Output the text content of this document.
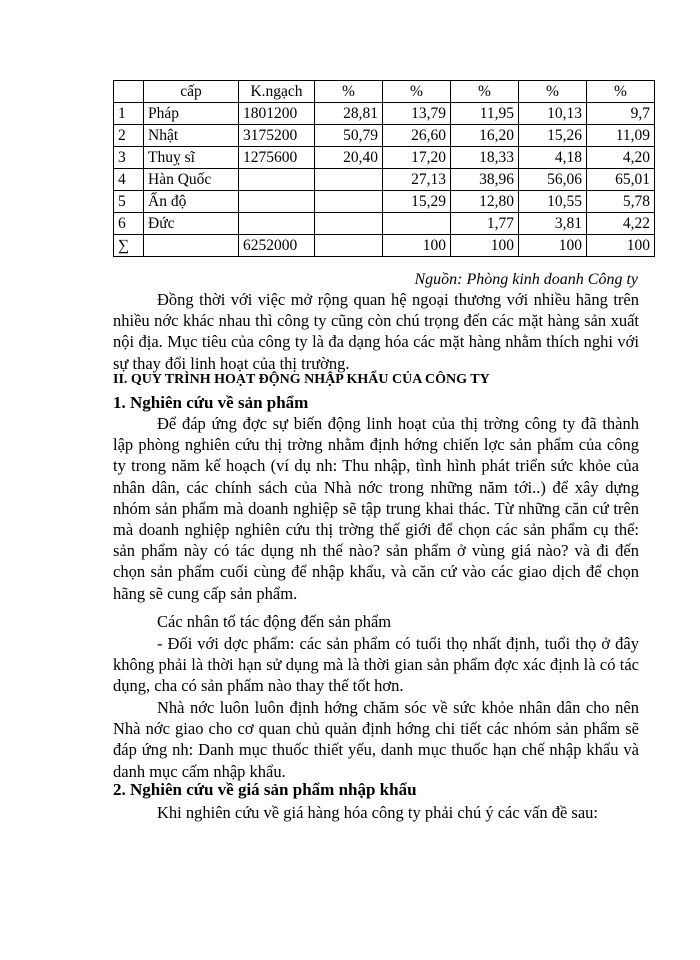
	cấp	K.ngạch	%	%	%	%	%
1	Pháp	1801200	28,81	13,79	11,95	10,13	9,7
2	Nhật	3175200	50,79	26,60	16,20	15,26	11,09
3	Thuỵ sĩ	1275600	20,40	17,20	18,33	4,18	4,20
4	Hàn Quốc			27,13	38,96	56,06	65,01
5	Ấn độ			15,29	12,80	10,55	5,78
6	Đức				1,77	3,81	4,22
∑		6252000		100	100	100	100
Nguồn: Phòng kinh doanh Công ty

Đồng thời với việc mở rộng quan hệ ngoại thương với nhiều hãng trên nhiều nớc khác nhau thì công ty cũng còn chú trọng đến các mặt hàng sản xuất nội địa. Mục tiêu của công ty là đa dạng hóa các mặt hàng nhằm thích nghi với sự thay đổi linh hoạt của thị trường.

II. QUY TRÌNH HOẠT ĐỘNG NHẬP KHẨU CỦA CÔNG TY
1. Nghiên cứu về sản phẩm

Để đáp ứng đợc sự biến động linh hoạt của thị trờng công ty đã thành lập phòng nghiên cứu thị trờng nhằm định hớng chiến lợc sản phẩm của công ty trong năm kế hoạch (ví dụ nh: Thu nhập, tình hình phát triển sức khỏe của nhân dân, các chính sách của Nhà nớc trong những năm tới..) để xây dựng nhóm sản phẩm mà doanh nghiệp sẽ tập trung khai thác. Từ những căn cứ trên mà doanh nghiệp nghiên cứu thị trờng thế giới để chọn các sản phẩm cụ thể: sản phẩm này có tác dụng nh thế nào? sản phẩm ở vùng giá nào? và đi đến chọn sản phẩm cuối cùng để nhập khẩu, và căn cứ vào các giao dịch để chọn hãng sẽ cung cấp sản phẩm.

Các nhân tố tác động đến sản phẩm

- Đối với dợc phẩm: các sản phẩm có tuổi thọ nhất định, tuổi thọ ở đây không phải là thời hạn sử dụng mà là thời gian sản phẩm đợc xác định là có tác dụng, cha có sản phẩm nào thay thế tốt hơn.

Nhà nớc luôn luôn định hớng chăm sóc về sức khỏe nhân dân cho nên Nhà nớc giao cho cơ quan chủ quản định hớng chi tiết các nhóm sản phẩm sẽ đáp ứng nh: Danh mục thuốc thiết yếu, danh mục thuốc hạn chế nhập khẩu và danh mục cấm nhập khẩu.

2. Nghiên cứu về giá sản phẩm nhập khẩu

Khi nghiên cứu về giá hàng hóa công ty phải chú ý các vấn đề sau:
